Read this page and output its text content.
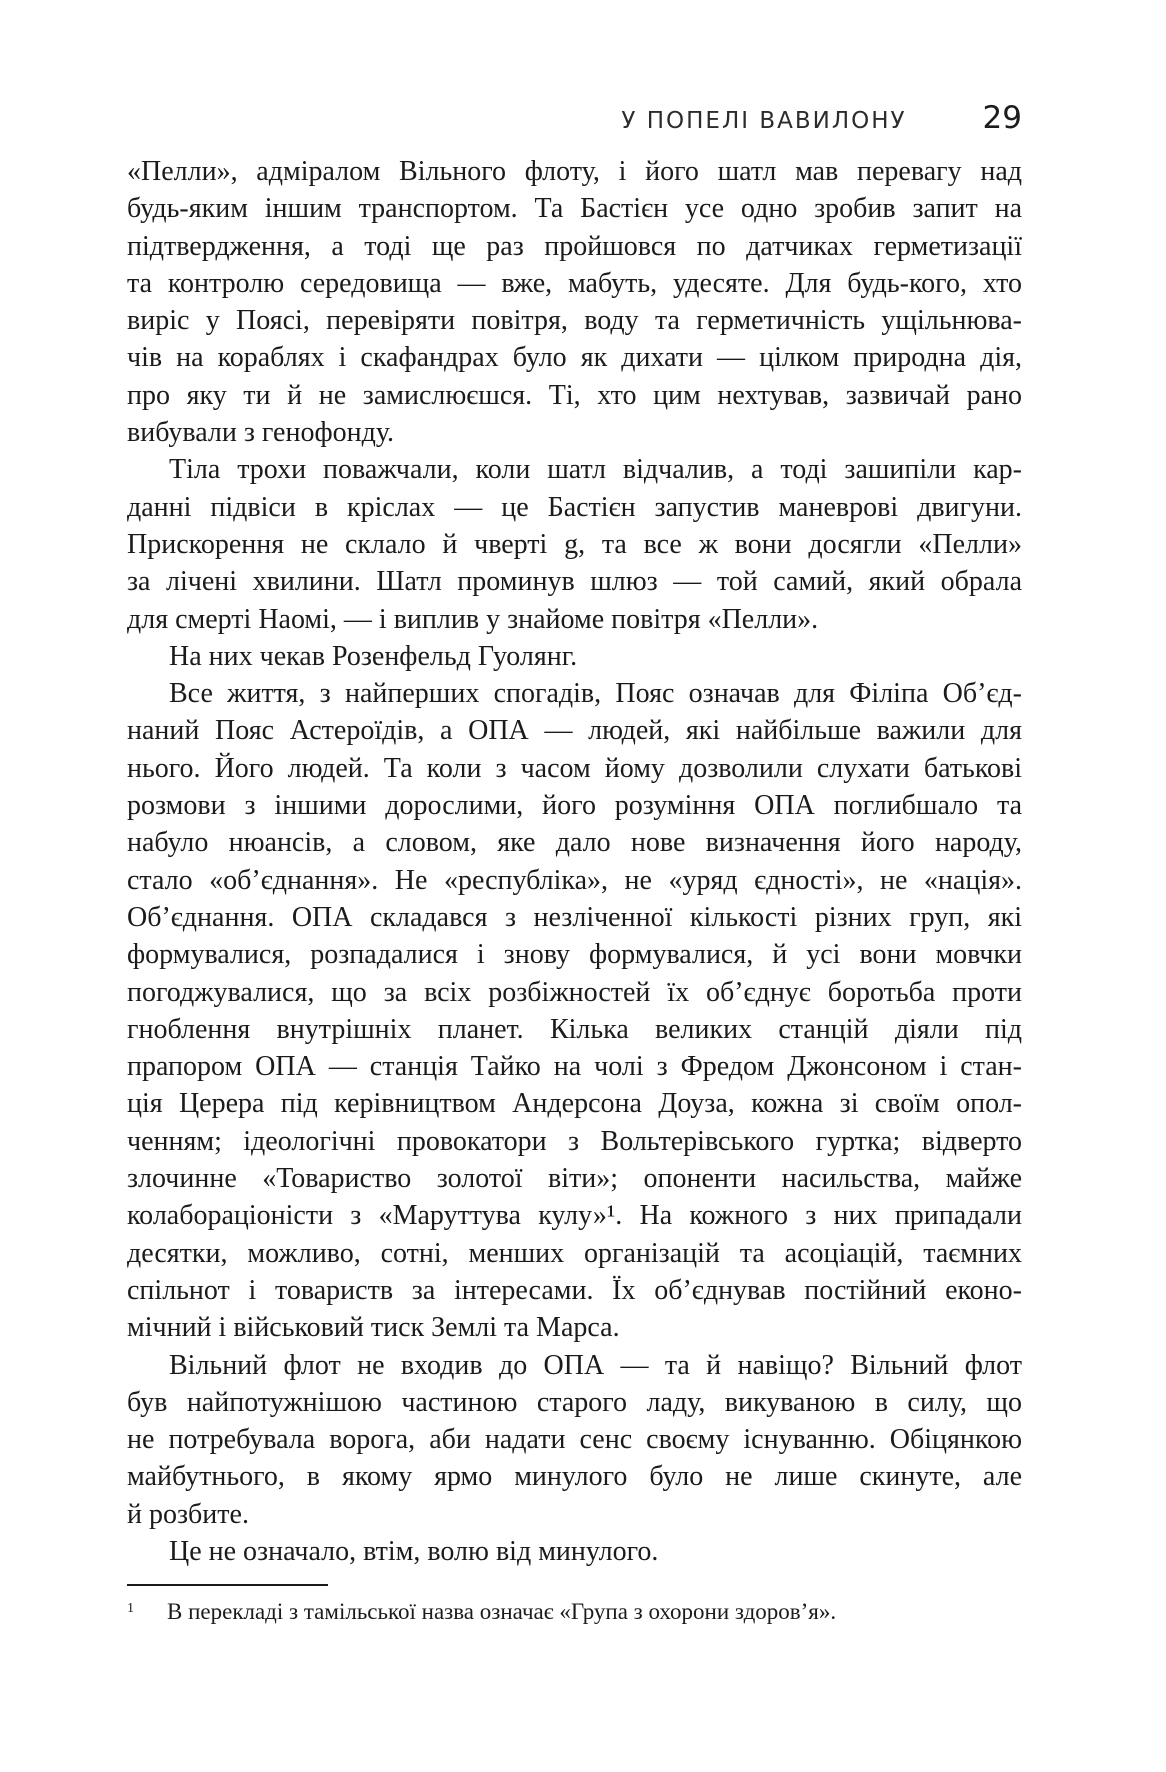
У ПОПЕЛІ ВАВИЛОНУ 29
«Пелли», адміралом Вільного флоту, і його шатл мав перевагу над
будь-яким іншим транспортом. Та Бастієн усе одно зробив запит на
підтвердження, а тоді ще раз пройшовся по датчиках герметизації
та контролю середовища — вже, мабуть, удесяте. Для будь-кого, хто
виріс у Поясі, перевіряти повітря, воду та герметичність ущільнюва-
чів на кораблях і скафандрах було як дихати — цілком природна дія,
про яку ти й не замислюєшся. Ті, хто цим нехтував, зазвичай рано
вибували з генофонду.
Тіла трохи поважчали, коли шатл відчалив, а тоді зашипіли кар-
данні підвіси в кріслах — це Бастієн запустив маневрові двигуни.
Прискорення не склало й чверті g, та все ж вони досягли «Пелли»
за лічені хвилини. Шатл проминув шлюз — той самий, який обрала
для смерті Наомі, — і виплив у знайоме повітря «Пелли».
На них чекав Розенфельд Гуолянг.
Все життя, з найперших спогадів, Пояс означав для Філіпа Об’єд-
наний Пояс Астероїдів, а ОПА — людей, які найбільше важили для
нього. Його людей. Та коли з часом йому дозволили слухати батькові
розмови з іншими дорослими, його розуміння ОПА поглибшало та
набуло нюансів, а словом, яке дало нове визначення його народу,
стало «об’єднання». Не «республіка», не «уряд єдності», не «нація».
Об’єднання. ОПА складався з незліченної кількості різних груп, які
формувалися, розпадалися і знову формувалися, й усі вони мовчки
погоджувалися, що за всіх розбіжностей їх об’єднує боротьба проти
гноблення внутрішніх планет. Кілька великих станцій діяли під
прапором ОПА — станція Тайко на чолі з Фредом Джонсоном і стан-
ція Церера під керівництвом Андерсона Доуза, кожна зі своїм опол-
ченням; ідеологічні провокатори з Вольтерівського гуртка; відверто
злочинне «Товариство золотої віти»; опоненти насильства, майже
колабораціоністи з «Маруттува кулу»¹. На кожного з них припадали
десятки, можливо, сотні, менших організацій та асоціацій, таємних
спільнот і товариств за інтересами. Їх об’єднував постійний еконо-
мічний і військовий тиск Землі та Марса.
Вільний флот не входив до ОПА — та й навіщо? Вільний флот
був найпотужнішою частиною старого ладу, викуваною в силу, що
не потребувала ворога, аби надати сенс своєму існуванню. Обіцянкою
майбутнього, в якому ярмо минулого було не лише скинуте, але
й розбите.
Це не означало, втім, волю від минулого.
1 В перекладі з тамільської назва означає «Група з охорони здоров’я».
